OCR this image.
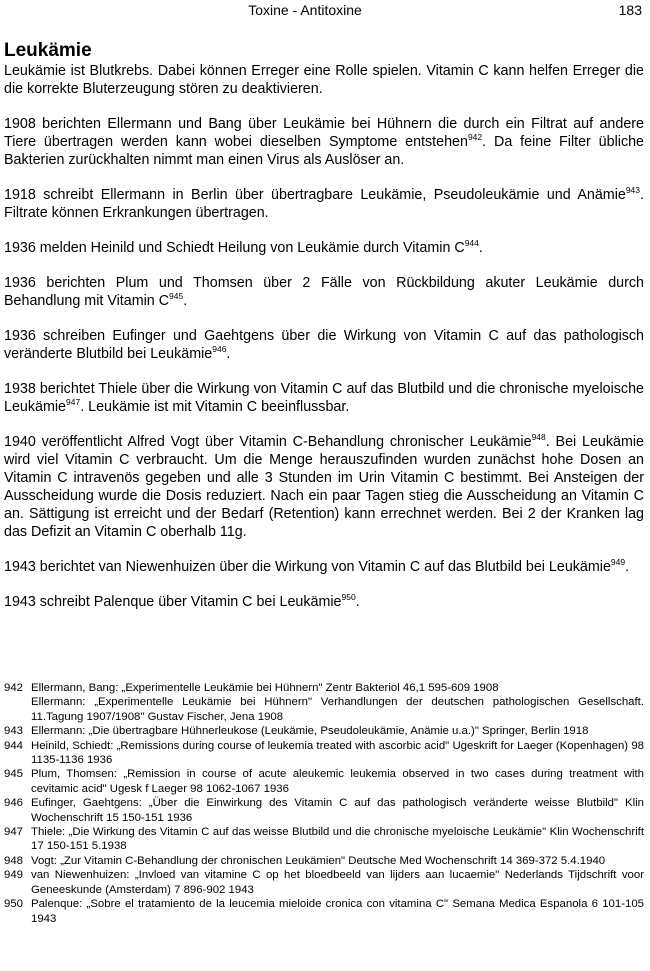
Toxine - Antitoxine	183
Leukämie

Leukämie ist Blutkrebs. Dabei können Erreger eine Rolle spielen. Vitamin C kann helfen Erreger die die korrekte Bluterzeugung stören zu deaktivieren.

1908 berichten Ellermann und Bang über Leukämie bei Hühnern die durch ein Filtrat auf andere Tiere übertragen werden kann wobei dieselben Symptome entstehen$^{942}$. Da feine Filter übliche Bakterien zurückhalten nimmt man einen Virus als Auslöser an.

1918 schreibt Ellermann in Berlin über übertragbare Leukämie, Pseudoleukämie und Anämie$^{943}$. Filtrate können Erkrankungen übertragen.

1936 melden Heinild und Schiedt Heilung von Leukämie durch Vitamin $C^{944}$.

1936 berichten Plum und Thomsen über 2 Fälle von Rückbildung akuter Leukämie durch Behandlung mit Vitamin $C^{945}$.

1936 schreiben Eufinger und Gaehtgens über die Wirkung von Vitamin C auf das pathologisch veränderte Blutbild bei Leukämie$^{946}$.

1938 berichtet Thiele über die Wirkung von Vitamin C auf das Blutbild und die chronische myeloische Leukämie$^{947}$. Leukämie ist mit Vitamin C beeinflussbar.

1940 veröffentlicht Alfred Vogt über Vitamin C-Behandlung chronischer Leukämie$^{948}$. Bei Leukämie wird viel Vitamin C verbraucht. Um die Menge herauszufinden wurden zunächst hohe Dosen an Vitamin C intravenös gegeben und alle 3 Stunden im Urin Vitamin C bestimmt. Bei Ansteigen der Ausscheidung wurde die Dosis reduziert. Nach ein paar Tagen stieg die Ausscheidung an Vitamin C an. Sättigung ist erreicht und der Bedarf (Retention) kann errechnet werden. Bei 2 der Kranken lag das Defizit an Vitamin C oberhalb 11g.

1943 berichtet van Niewenhuizen über die Wirkung von Vitamin C auf das Blutbild bei Leukämie$^{949}$.

1943 schreibt Palenque über Vitamin C bei Leukämie$^{950}$.

942 Ellermann, Bang: „Experimentelle Leukämie bei Hühnern" Zentr Bakteriol 46,1 595-609 1908
Ellermann: „Experimentelle Leukämie bei Hühnern" Verhandlungen der deutschen pathologischen Gesellschaft. 11.Tagung 1907/1908" Gustav Fischer, Jena 1908
943 Ellermann: „Die übertragbare Hühnerleukose (Leukämie, Pseudoleukämie, Anämie u.a.)" Springer, Berlin 1918
944 Heinild, Schiedt: „Remissions during course of leukemia treated with ascorbic acid" Ugeskrift for Laeger (Kopenhagen) 98 1135-1136 1936
945 Plum, Thomsen: „Remission in course of acute aleukemic leukemia observed in two cases during treatment with cevitamic acid" Ugesk f Laeger 98 1062-1067 1936
946 Eufinger, Gaehtgens: „Über die Einwirkung des Vitamin C auf das pathologisch veränderte weisse Blutbild" Klin Wochenschrift 15 150-151 1936
947 Thiele: „Die Wirkung des Vitamin C auf das weisse Blutbild und die chronische myeloische Leukämie" Klin Wochenschrift 17 150-151 5.1938
948 Vogt: „Zur Vitamin C-Behandlung der chronischen Leukämien" Deutsche Med Wochenschrift 14 369-372 5.4.1940
949 van Niewenhuizen: „Invloed van vitamine C op het bloedbeeld van lijders aan lucaemie" Nederlands Tijdschrift voor Geneeskunde (Amsterdam) 7 896-902 1943
950 Palenque: „Sobre el tratamiento de la leucemia mieloide cronica con vitamina C" Semana Medica Espanola 6 101-105 1943
